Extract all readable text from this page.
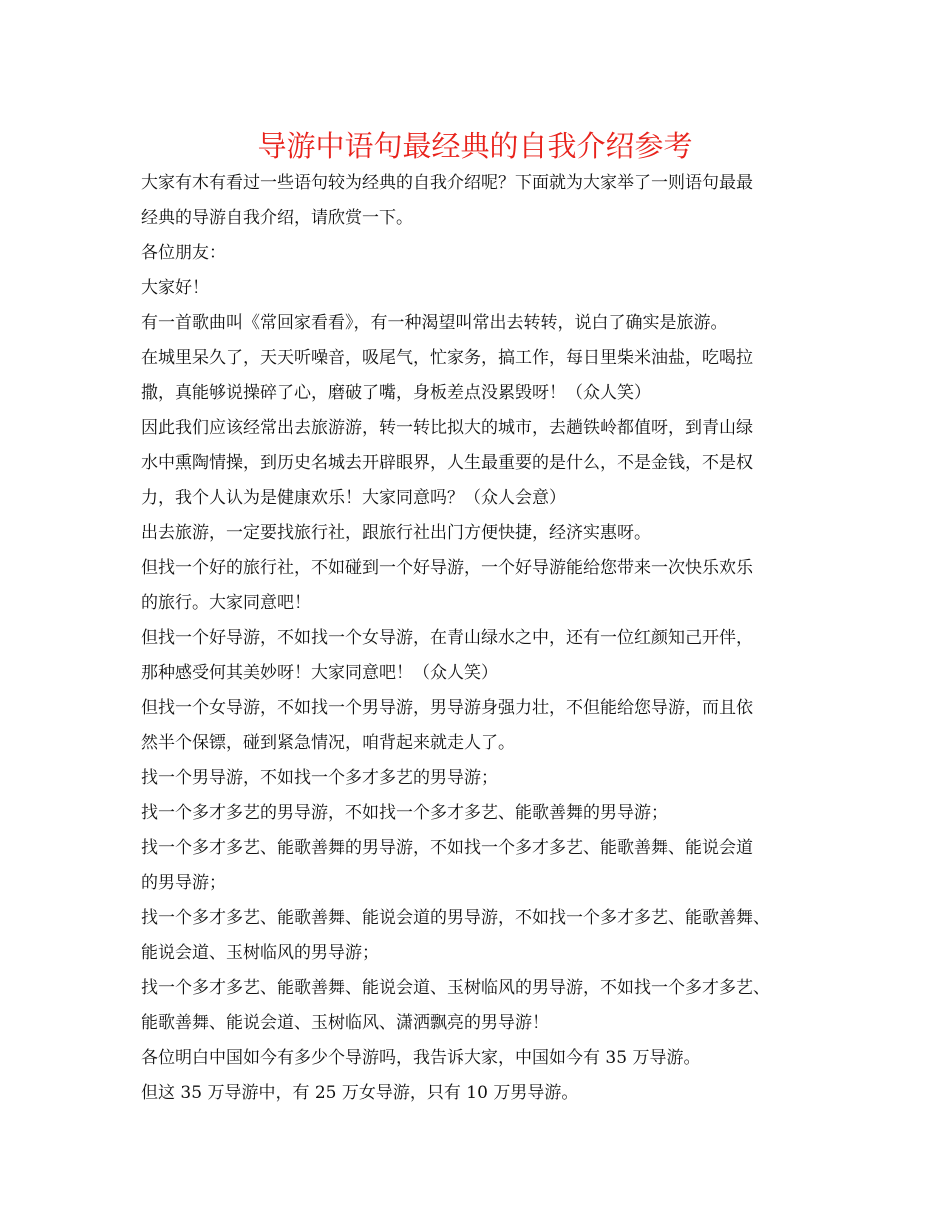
导游中语句最经典的自我介绍参考
大家有木有看过一些语句较为经典的自我介绍呢？下面就为大家举了一则语句最最
经典的导游自我介绍，请欣赏一下。
各位朋友：
大家好！
有一首歌曲叫《常回家看看》，有一种渴望叫常出去转转，说白了确实是旅游。
在城里呆久了，天天听噪音，吸尾气，忙家务，搞工作，每日里柴米油盐，吃喝拉
撒，真能够说操碎了心，磨破了嘴，身板差点没累毁呀！（众人笑）
因此我们应该经常出去旅游游，转一转比拟大的城市，去趟铁岭都值呀，到青山绿
水中熏陶情操，到历史名城去开辟眼界，人生最重要的是什么，不是金钱，不是权
力，我个人认为是健康欢乐！大家同意吗？（众人会意）
出去旅游，一定要找旅行社，跟旅行社出门方便快捷，经济实惠呀。
但找一个好的旅行社，不如碰到一个好导游，一个好导游能给您带来一次快乐欢乐
的旅行。大家同意吧！
但找一个好导游，不如找一个女导游，在青山绿水之中，还有一位红颜知己开伴，
那种感受何其美妙呀！大家同意吧！（众人笑）
但找一个女导游，不如找一个男导游，男导游身强力壮，不但能给您导游，而且依
然半个保镖，碰到紧急情况，咱背起来就走人了。
找一个男导游，不如找一个多才多艺的男导游；
找一个多才多艺的男导游，不如找一个多才多艺、能歌善舞的男导游；
找一个多才多艺、能歌善舞的男导游，不如找一个多才多艺、能歌善舞、能说会道
的男导游；
找一个多才多艺、能歌善舞、能说会道的男导游，不如找一个多才多艺、能歌善舞、
能说会道、玉树临风的男导游；
找一个多才多艺、能歌善舞、能说会道、玉树临风的男导游，不如找一个多才多艺、
能歌善舞、能说会道、玉树临风、潇洒飘亮的男导游！
各位明白中国如今有多少个导游吗，我告诉大家，中国如今有 35 万导游。
但这 35 万导游中，有 25 万女导游，只有 10 万男导游。
